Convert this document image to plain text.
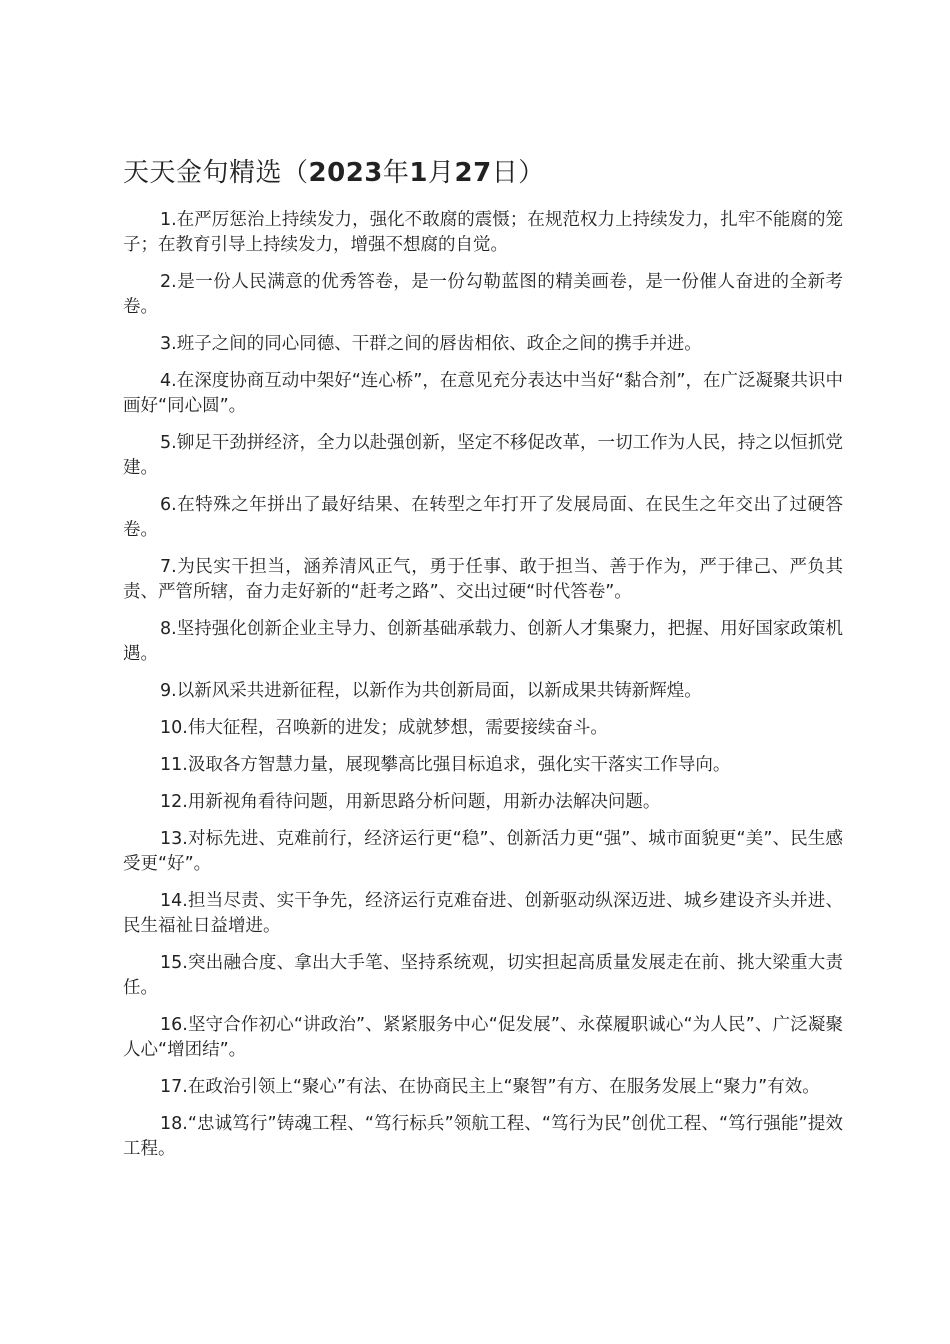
天天金句精选（2023年1月27日）

1.在严厉惩治上持续发力，强化不敢腐的震慑；在规范权力上持续发力，扎牢不能腐的笼子；在教育引导上持续发力，增强不想腐的自觉。

2.是一份人民满意的优秀答卷，是一份勾勒蓝图的精美画卷，是一份催人奋进的全新考卷。

3.班子之间的同心同德、干群之间的唇齿相依、政企之间的携手并进。

4.在深度协商互动中架好“连心桥”，在意见充分表达中当好“黏合剂”，在广泛凝聚共识中画好“同心圆”。

5.铆足干劲拼经济，全力以赴强创新，坚定不移促改革，一切工作为人民，持之以恒抓党建。

6.在特殊之年拼出了最好结果、在转型之年打开了发展局面、在民生之年交出了过硬答卷。

7.为民实干担当，涵养清风正气，勇于任事、敢于担当、善于作为，严于律己、严负其责、严管所辖，奋力走好新的“赶考之路”、交出过硬“时代答卷”。

8.坚持强化创新企业主导力、创新基础承载力、创新人才集聚力，把握、用好国家政策机遇。

9.以新风采共进新征程，以新作为共创新局面，以新成果共铸新辉煌。

10.伟大征程，召唤新的进发；成就梦想，需要接续奋斗。

11.汲取各方智慧力量，展现攀高比强目标追求，强化实干落实工作导向。

12.用新视角看待问题，用新思路分析问题，用新办法解决问题。

13.对标先进、克难前行，经济运行更“稳”、创新活力更“强”、城市面貌更“美”、民生感受更“好”。

14.担当尽责、实干争先，经济运行克难奋进、创新驱动纵深迈进、城乡建设齐头并进、民生福祉日益增进。

15.突出融合度、拿出大手笔、坚持系统观，切实担起高质量发展走在前、挑大梁重大责任。

16.坚守合作初心“讲政治”、紧紧服务中心“促发展”、永葆履职诚心“为人民”、广泛凝聚人心“增团结”。

17.在政治引领上“聚心”有法、在协商民主上“聚智”有方、在服务发展上“聚力”有效。

18.“忠诚笃行”铸魂工程、“笃行标兵”领航工程、“笃行为民”创优工程、“笃行强能”提效工程。
